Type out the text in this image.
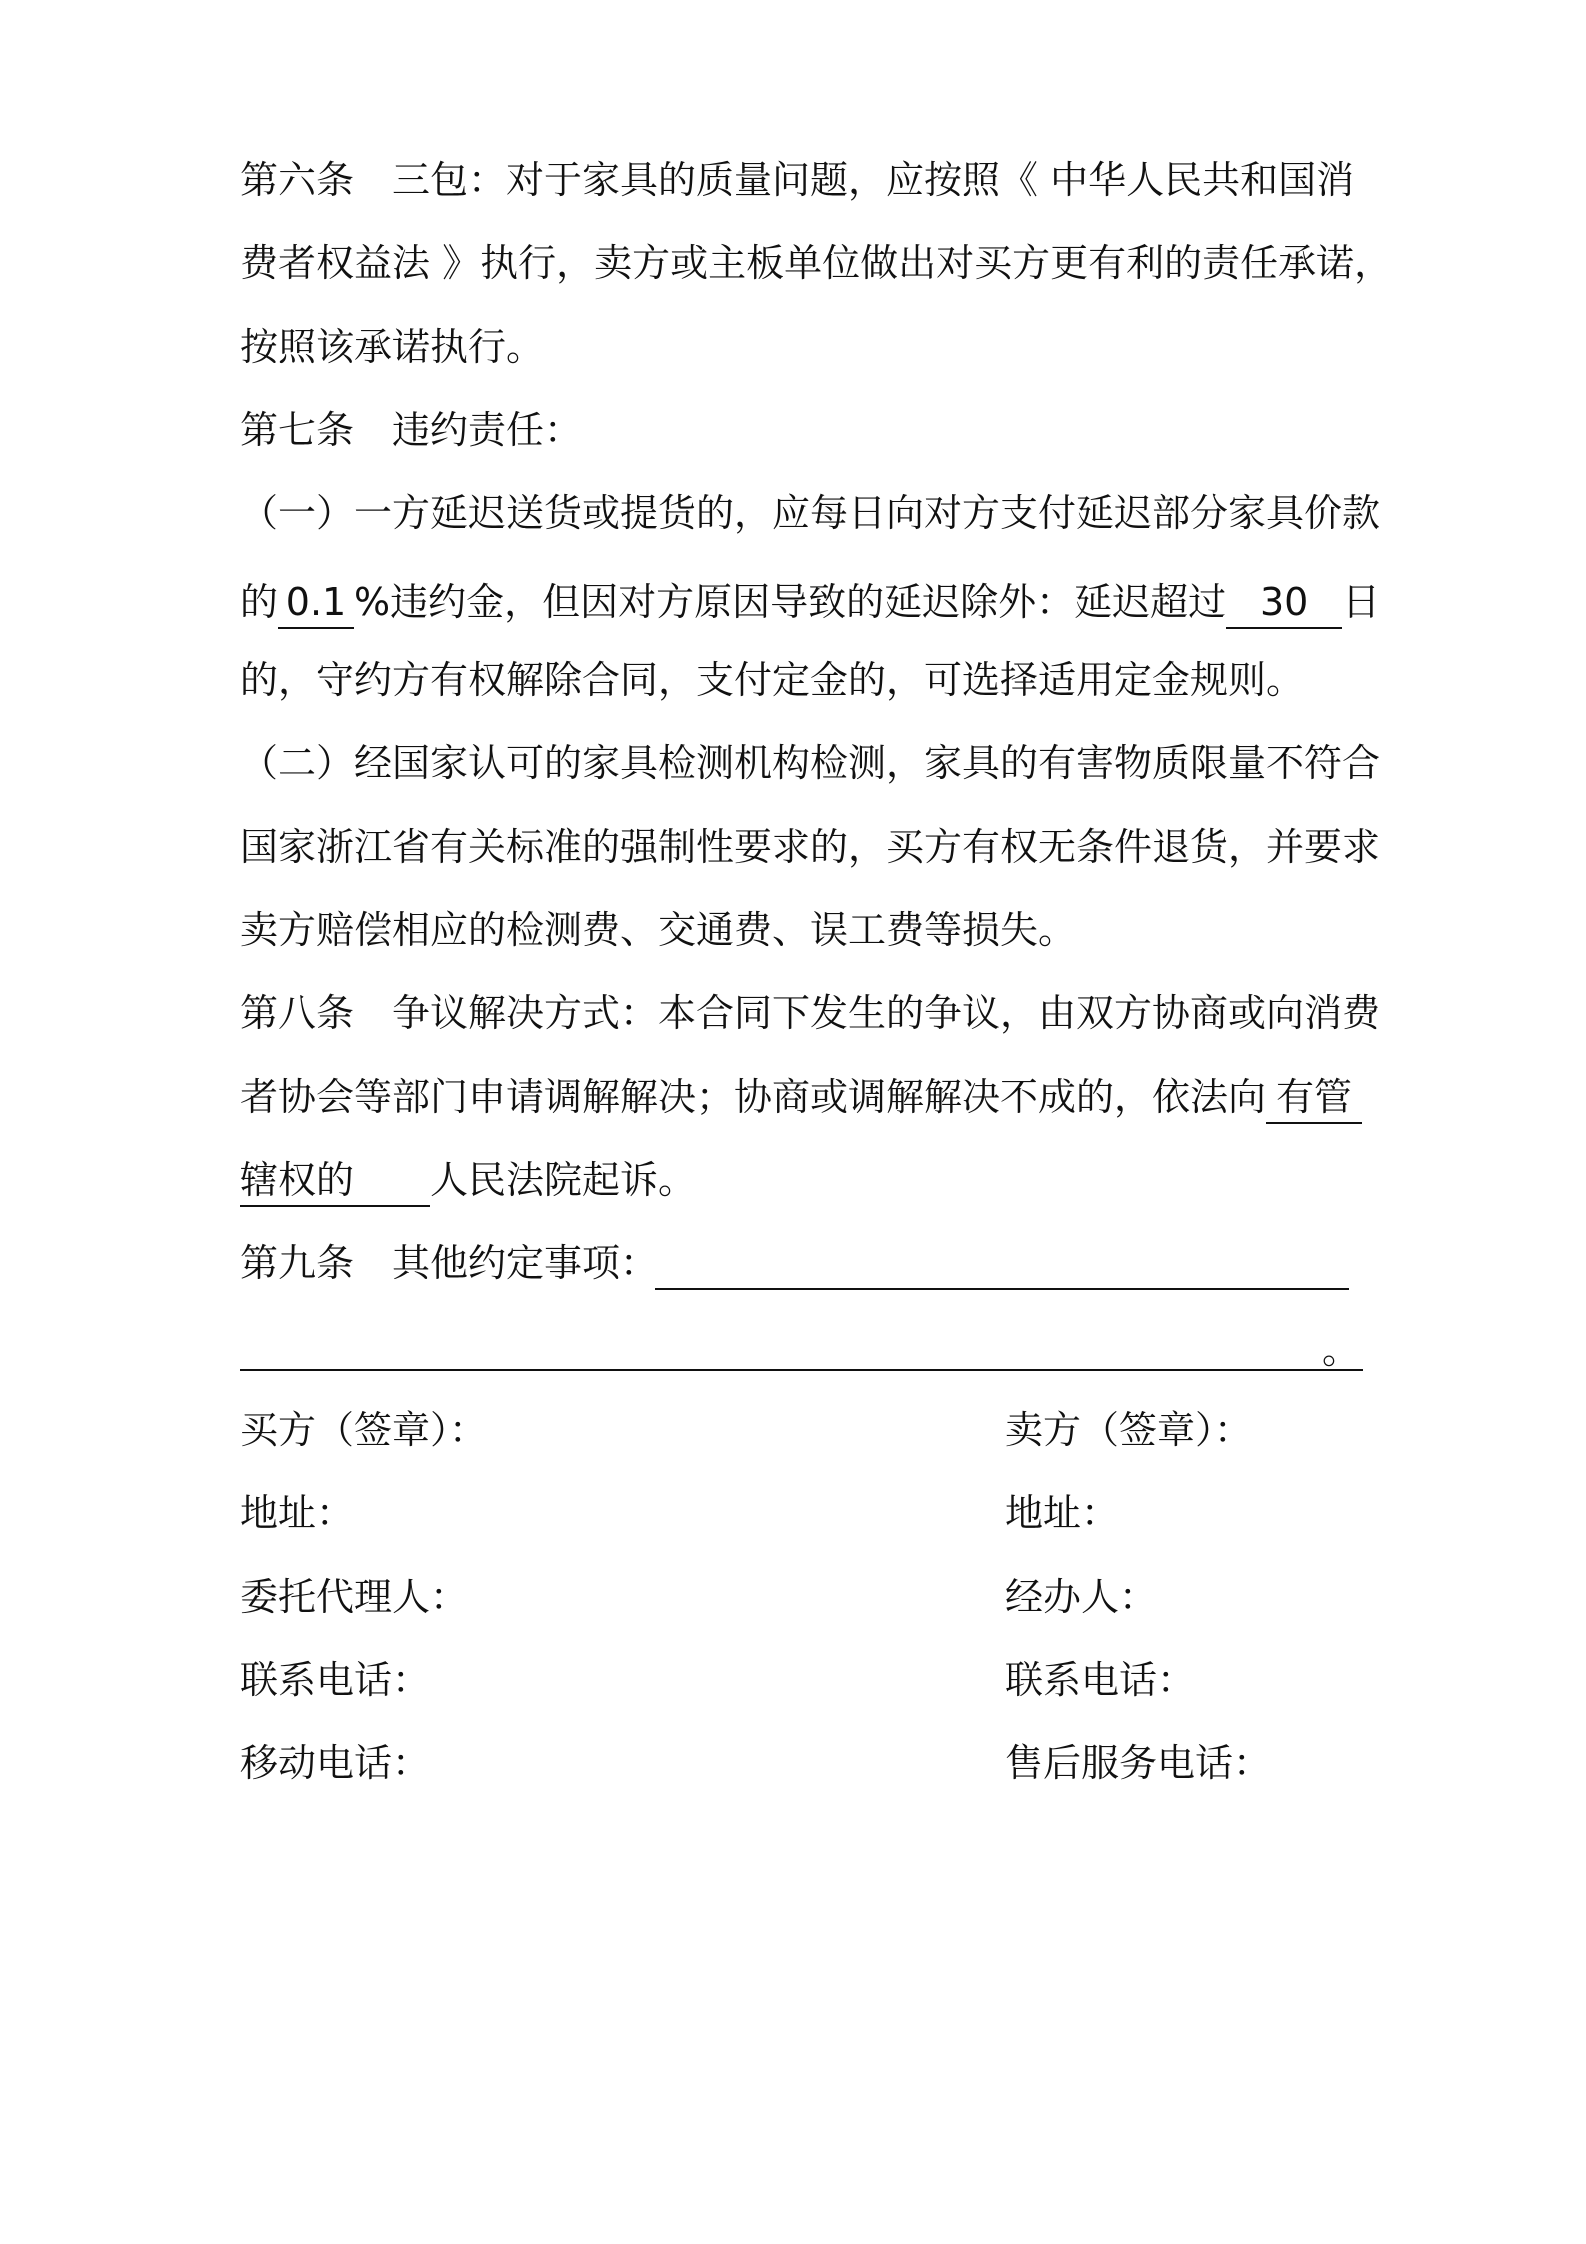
第六条 三包：对于家具的质量问题，应按照《 中华人民共和国消
费者权益法 》执行，卖方或主板单位做出对买方更有利的责任承诺，
按照该承诺执行。
第七条 违约责任：
（一）一方延迟送货或提货的，应每日向对方支付延迟部分家具价款
的 0.1 %违约金，但因对方原因导致的延迟除外：延迟超过 30 日
的，守约方有权解除合同，支付定金的，可选择适用定金规则。
（二）经国家认可的家具检测机构检测，家具的有害物质限量不符合
国家浙江省有关标准的强制性要求的，买方有权无条件退货，并要求
卖方赔偿相应的检测费、交通费、误工费等损失。
第八条 争议解决方式：本合同下发生的争议，由双方协商或向消费
者协会等部门申请调解解决；协商或调解解决不成的，依法向 有管
辖权的 人民法院起诉。
第九条 其他约定事项：
。
买方（签章）：	卖方（签章）：
地址：	地址：
委托代理人：	经办人：
联系电话：	联系电话：
移动电话：	售后服务电话：
